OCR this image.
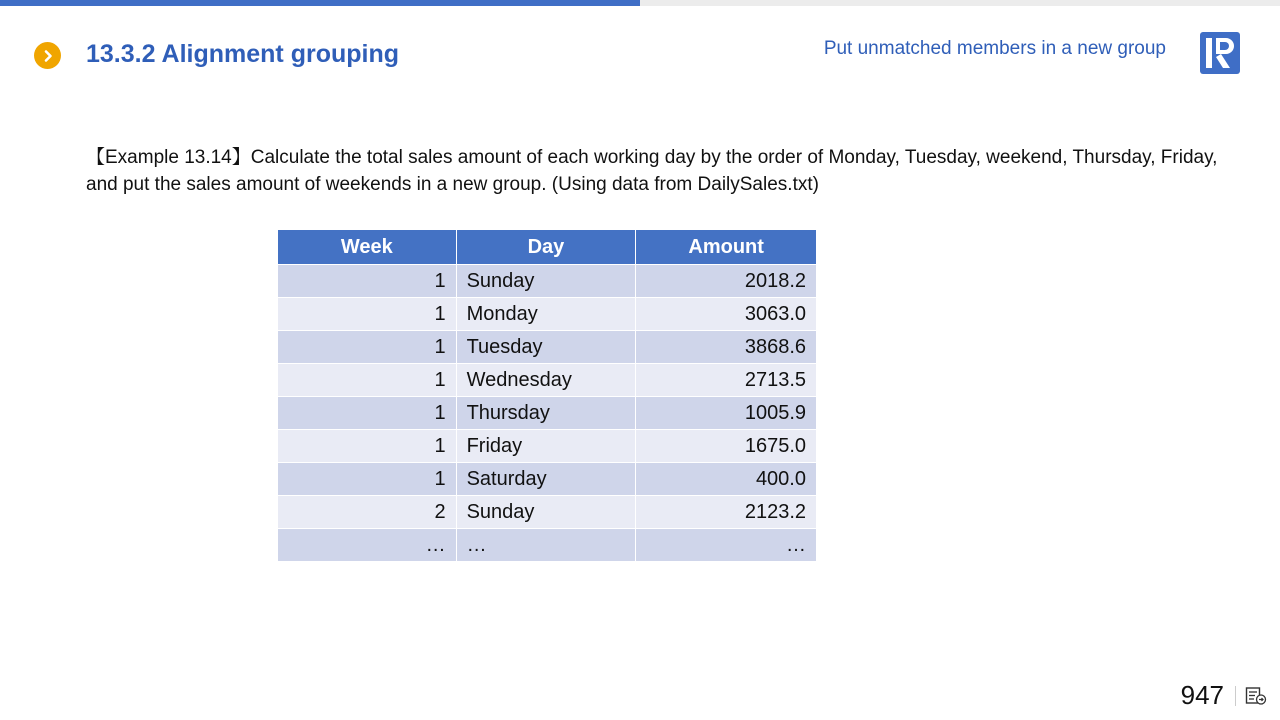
13.3.2 Alignment grouping	Put unmatched members in a new group
【Example 13.14】Calculate the total sales amount of each working day by the order of Monday, Tuesday, weekend, Thursday, Friday, and put the sales amount of weekends in a new group. (Using data from DailySales.txt)
Week	Day	Amount
1	Sunday	2018.2
1	Monday	3063.0
1	Tuesday	3868.6
1	Wednesday	2713.5
1	Thursday	1005.9
1	Friday	1675.0
1	Saturday	400.0
2	Sunday	2123.2
…	…	…
947
